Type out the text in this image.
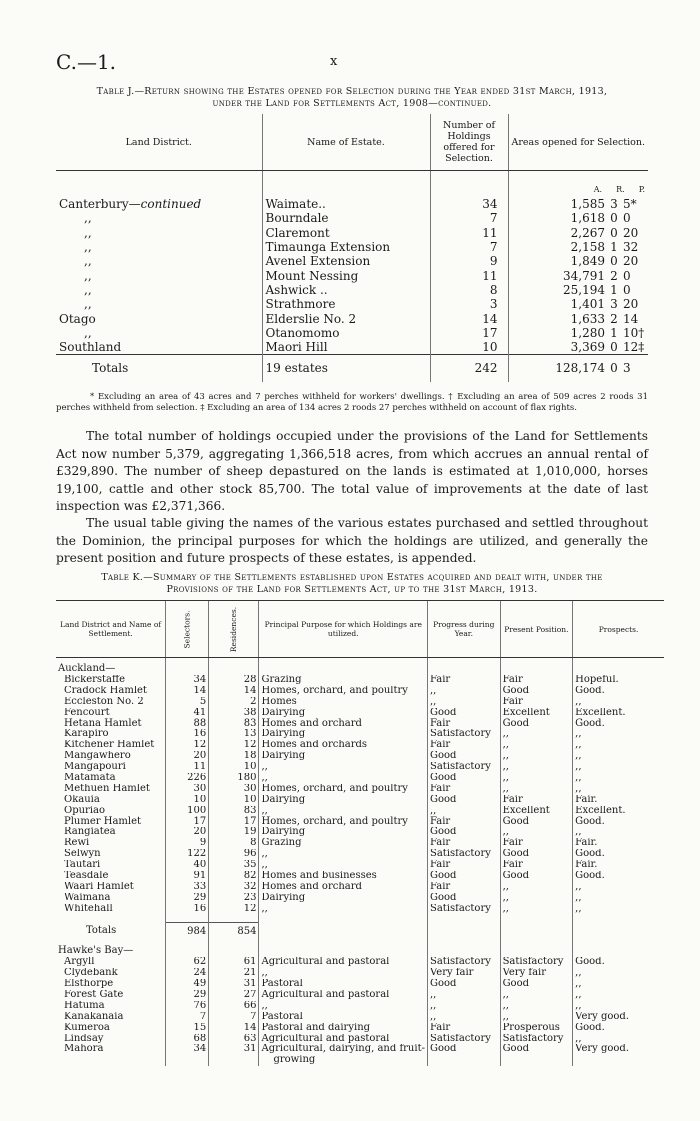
C.—1.	x
Table J.—Return showing the Estates opened for Selection during the Year ended 31st March, 1913,
under the Land for Settlements Act, 1908—continued.
Land District.	Name of Estate.	Number of Holdings offered for Selection.	Areas opened for Selection.
			A. R. P.
Canterbury—continued	Waimate..	34	1,585 3 5*
,,	Bourndale	7	1,618 0 0
,,	Claremont	11	2,267 0 20
,,	Timaunga Extension	7	2,158 1 32
,,	Avenel Extension	9	1,849 0 20
,,	Mount Nessing	11	34,791 2 0
,,	Ashwick ..	8	25,194 1 0
,,	Strathmore	3	1,401 3 20
Otago	Elderslie No. 2	14	1,633 2 14
,,	Otanomomo	17	1,280 1 10†
Southland	Maori Hill	10	3,369 0 12‡
Totals	19 estates	242	128,174 0 3
* Excluding an area of 43 acres and 7 perches withheld for workers' dwellings. † Excluding an area of 509 acres 2 roods 31 perches withheld from selection. ‡ Excluding an area of 134 acres 2 roods 27 perches withheld on account of flax rights.

The total number of holdings occupied under the provisions of the Land for Settlements Act now number 5,379, aggregating 1,366,518 acres, from which accrues an annual rental of £329,890. The number of sheep depastured on the lands is estimated at 1,010,000, horses 19,100, cattle and other stock 85,700. The total value of improvements at the date of last inspection was £2,371,366.

The usual table giving the names of the various estates purchased and settled throughout the Dominion, the principal purposes for which the holdings are utilized, and generally the present position and future prospects of these estates, is appended.

Table K.—Summary of the Settlements established upon Estates acquired and dealt with, under the
Provisions of the Land for Settlements Act, up to the 31st March, 1913.
Land District and Name of Settlement.	Selectors.	Residences.	Principal Purpose for which Holdings are utilized.	Progress during Year.	Present Position.	Prospects.
Auckland—						
Bickerstaffe	34	28	Grazing	Fair	Fair	Hopeful.
Cradock Hamlet	14	14	Homes, orchard, and poultry	,,	Good	Good.
Eccleston No. 2	5	2	Homes	,,	Fair	,,
Fencourt	41	38	Dairying	Good	Excellent	Excellent.
Hetana Hamlet	88	83	Homes and orchard	Fair	Good	Good.
Karapiro	16	13	Dairying	Satisfactory	,,	,,
Kitchener Hamlet	12	12	Homes and orchards	Fair	,,	,,
Mangawhero	20	18	Dairying	Good	,,	,,
Mangapouri	11	10	,,	Satisfactory	,,	,,
Matamata	226	180	,,	Good	,,	,,
Methuen Hamlet	30	30	Homes, orchard, and poultry	Fair	,,	,,
Okauia	10	10	Dairying	Good	Fair	Fair.
Opuriao	100	83	,,	,,	Excellent	Excellent.
Plumer Hamlet	17	17	Homes, orchard, and poultry	Fair	Good	Good.
Rangiatea	20	19	Dairying	Good	,,	,,
Rewi	9	8	Grazing	Fair	Fair	Fair.
Selwyn	122	96	,,	Satisfactory	Good	Good.
Tautari	40	35	,,	Fair	Fair	Fair.
Teasdale	91	82	Homes and businesses	Good	Good	Good.
Waari Hamlet	33	32	Homes and orchard	Fair	,,	,,
Waimana	29	23	Dairying	Good	,,	,,
Whitehall	16	12	,,	Satisfactory	,,	,,

Totals	984	854				
Hawke's Bay—						
Argyll	62	61	Agricultural and pastoral	Satisfactory	Satisfactory	Good.
Clydebank	24	21	,,	Very fair	Very fair	,,
Elsthorpe	49	31	Pastoral	Good	Good	,,
Forest Gate	29	27	Agricultural and pastoral	,,	,,	,,
Hatuma	76	66	,,	,,	,,	,,
Kanakanaia	7	7	Pastoral	,,	,,	Very good.
Kumeroa	15	14	Pastoral and dairying	Fair	Prosperous	Good.
Lindsay	68	63	Agricultural and pastoral	Satisfactory	Satisfactory	,,
Mahora	34	31	Agricultural, dairying, and fruit-	Good	Good	Very good.
			growing			
